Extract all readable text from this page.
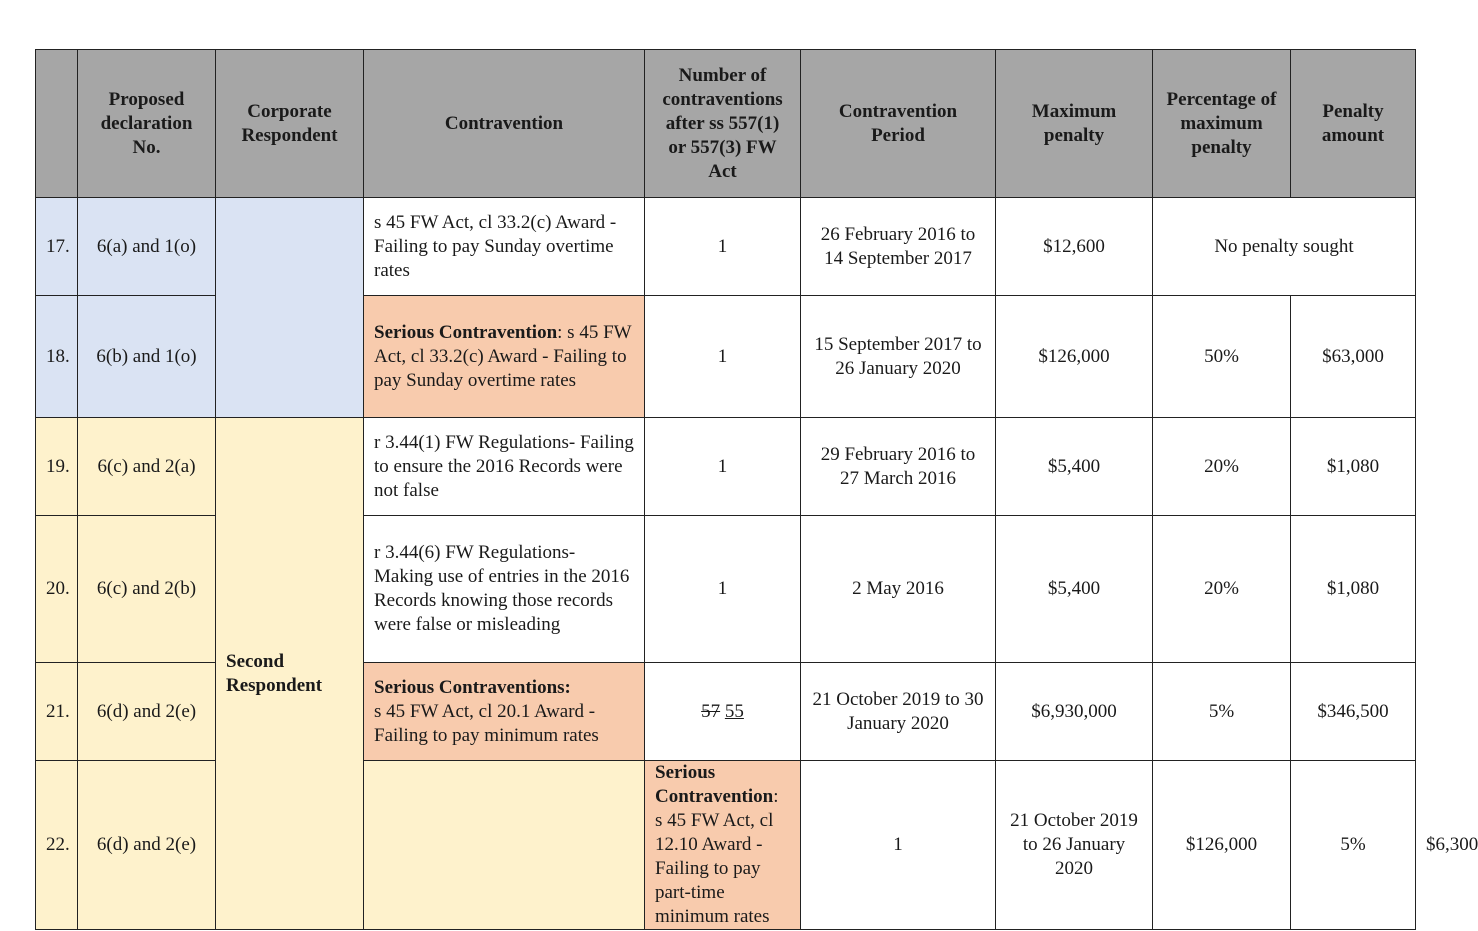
	Proposed declaration No.	Corporate Respondent	Contravention	Number of contraventions after ss 557(1) or 557(3) FW Act	Contravention Period	Maximum penalty	Percentage of maximum penalty	Penalty amount	
17.	6(a) and 1(o)		s 45 FW Act, cl 33.2(c) Award - Failing to pay Sunday overtime rates	1	26 February 2016 to 14 September 2017	$12,600	No penalty sought		
18.	6(b) and 1(o)		Serious Contravention: s 45 FW Act, cl 33.2(c) Award - Failing to pay Sunday overtime rates	1	15 September 2017 to 26 January 2020	$126,000	50%	$63,000	
19.	6(c) and 2(a)	Second Respondent	r 3.44(1) FW Regulations- Failing to ensure the 2016 Records were not false	1	29 February 2016 to 27 March 2016	$5,400	20%	$1,080	
20.	6(c) and 2(b)		r 3.44(6) FW Regulations- Making use of entries in the 2016 Records knowing those records were false or misleading	1	2 May 2016	$5,400	20%	$1,080	
21.	6(d) and 2(e)		Serious Contraventions:
s 45 FW Act, cl 20.1 Award - Failing to pay minimum rates	57 55	21 October 2019 to 30 January 2020	$6,930,000	5%	$346,500	
22.	6(d) and 2(e)			Serious Contravention: s 45 FW Act, cl 12.10 Award - Failing to pay part-time minimum rates	1	21 October 2019 to 26 January 2020	$126,000	5%	$6,300
